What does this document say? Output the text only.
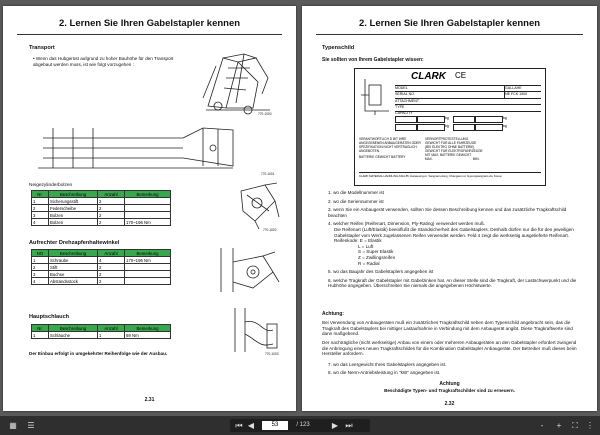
2. Lernen Sie Ihren Gabelstapler kennen
Transport
• Wenn das Hubgerüst aufgrund zu hoher Bauhöhe für den Transport abgebaut werden muss, ist wie folgt vorzugehen :
770-1000
770-1001
Neigezylinderbolzen
Nr.	Beschreibung	Anzahl	Bemerkung
1	Sicherungsstift	2	
2	Federscheibe	2	
3	Bolzen	2	
4	Bolzen	2	170~196 Nm
770-1002
Aufrechter Drehzapfenhaltewinkel
NO	Beschreibung	Anzahl	Bemerkung
1	Schraube	4	170~196 Nm
2	Stift	2	
3	Buchse	2	
4	Abstandsstock	2	
Hauptschlauch
Nr.	Beschreibung	Anzahl	Bemerkung
1	Schläuche	1	69 Nm
770-1003
Der Einbau erfolgt in umgekehrter Reihenfolge wie der Ausbau.
2.31
2. Lernen Sie Ihren Gabelstapler kennen
Typenschild
Sie sollten von Ihrem Gabelstapler wissen:
CLARK CE
MODEL	GALLAHE
SERIAL NO.	NE FCK 1500
ATTACHMENT
TYPE
CAPACITY
kg	kg
kg	kg
VERANTWORTLICH D BIT IHRE ANGEGEBENEN ANBAUGERÄTEN ODER SPEZIFIKATION NICHT VERTRAGLICH ANGEBOTEN
BATTERIE GEWICHT BATTERY
VERNORTPROTESTELLUNG
GEWICHT FUR ALLE FAHRZEUGE
(BEI ELEKTRO OHNE BATTERIE)
GEWICHT FUR ELEKTROFAHRZEUGE
MIT MAX. BATTERIE GEWICHT
MAX.	MIN.
CLARK MATERIAL HANDLING ASIA 85, Hwaseong-ro, Sangnam-dong, Changwon-si, Gyeongsangnam-do, Korea
1. wo die Modellnummer ist
2. wo die Seriennummer ist
3. wenn Sie ein Anbaugerät verwenden, sollten Sie dessen Beschreibung kennen und das zusätzliche Tragkraftschild beachten
4. welcher Reifen (Reifenart, Dimension, Ply-Rating) verwendet werden muß.
Die Reifenart (Luft/Elastik) beeinflußt die Standsicherheit des Gabelstaplers. Deshalb dürfen nur die für den jeweiligen Gabelstapler vom Werk zugelassenen Reifen verwendet werden. Feld 4 zeigt die werkseitig ausgelieferte Reifenart.
Reifenkode: E = Elastik
L = Luft
S = Super Elastik
Z = Zwillingsreifen
R = Radial
5. wo das Baujahr des Gabelstaplers angegeben ist
6. welche Tragkraft der Gabelstapler mit Gabelzinken hat. An dieser Stelle sind die Tragkraft, der Lastschwerpunkt und die Hubhöhe angegeben. Überschreiten Sie niemals die angegebenen Höchstwerte.
Achtung:
Bei Verwendung von Anbaugeräten muß ein zusätzliches Tragkraftschild neben dem Typenschild angebracht sein, das die Tragkraft des Gabelstaplers bei mittiger Lastaufnahme in Verbindung mit dem Anbaugerät angibt. Diese Tragkraftwerte sind dann maßgebend.
Der nachträgliche (nicht werkseitige) Anbau von einem oder mehreren Anbaugeräten an den Gabelstapler erfordert zwingend die Anbringung eines neuen Tragkraftschildes für die Kombination Gabelstapler Anbaugeräte. Der Betreiber muß dieses beim Hersteller anfordern.
7. wo das Leergewicht Ihres Gabelstaplers angegeben ist.
8. wo die Nenn-Antriebsleistung in "kW" angegeben ist.
Achtung
Beschädigte Typen- und Tragkraftschilder sind zu erneuern.
2.32
▦	☰	⏮ ◀	53	/ 123	▶ ⏭	-	+	⛶	⋮
